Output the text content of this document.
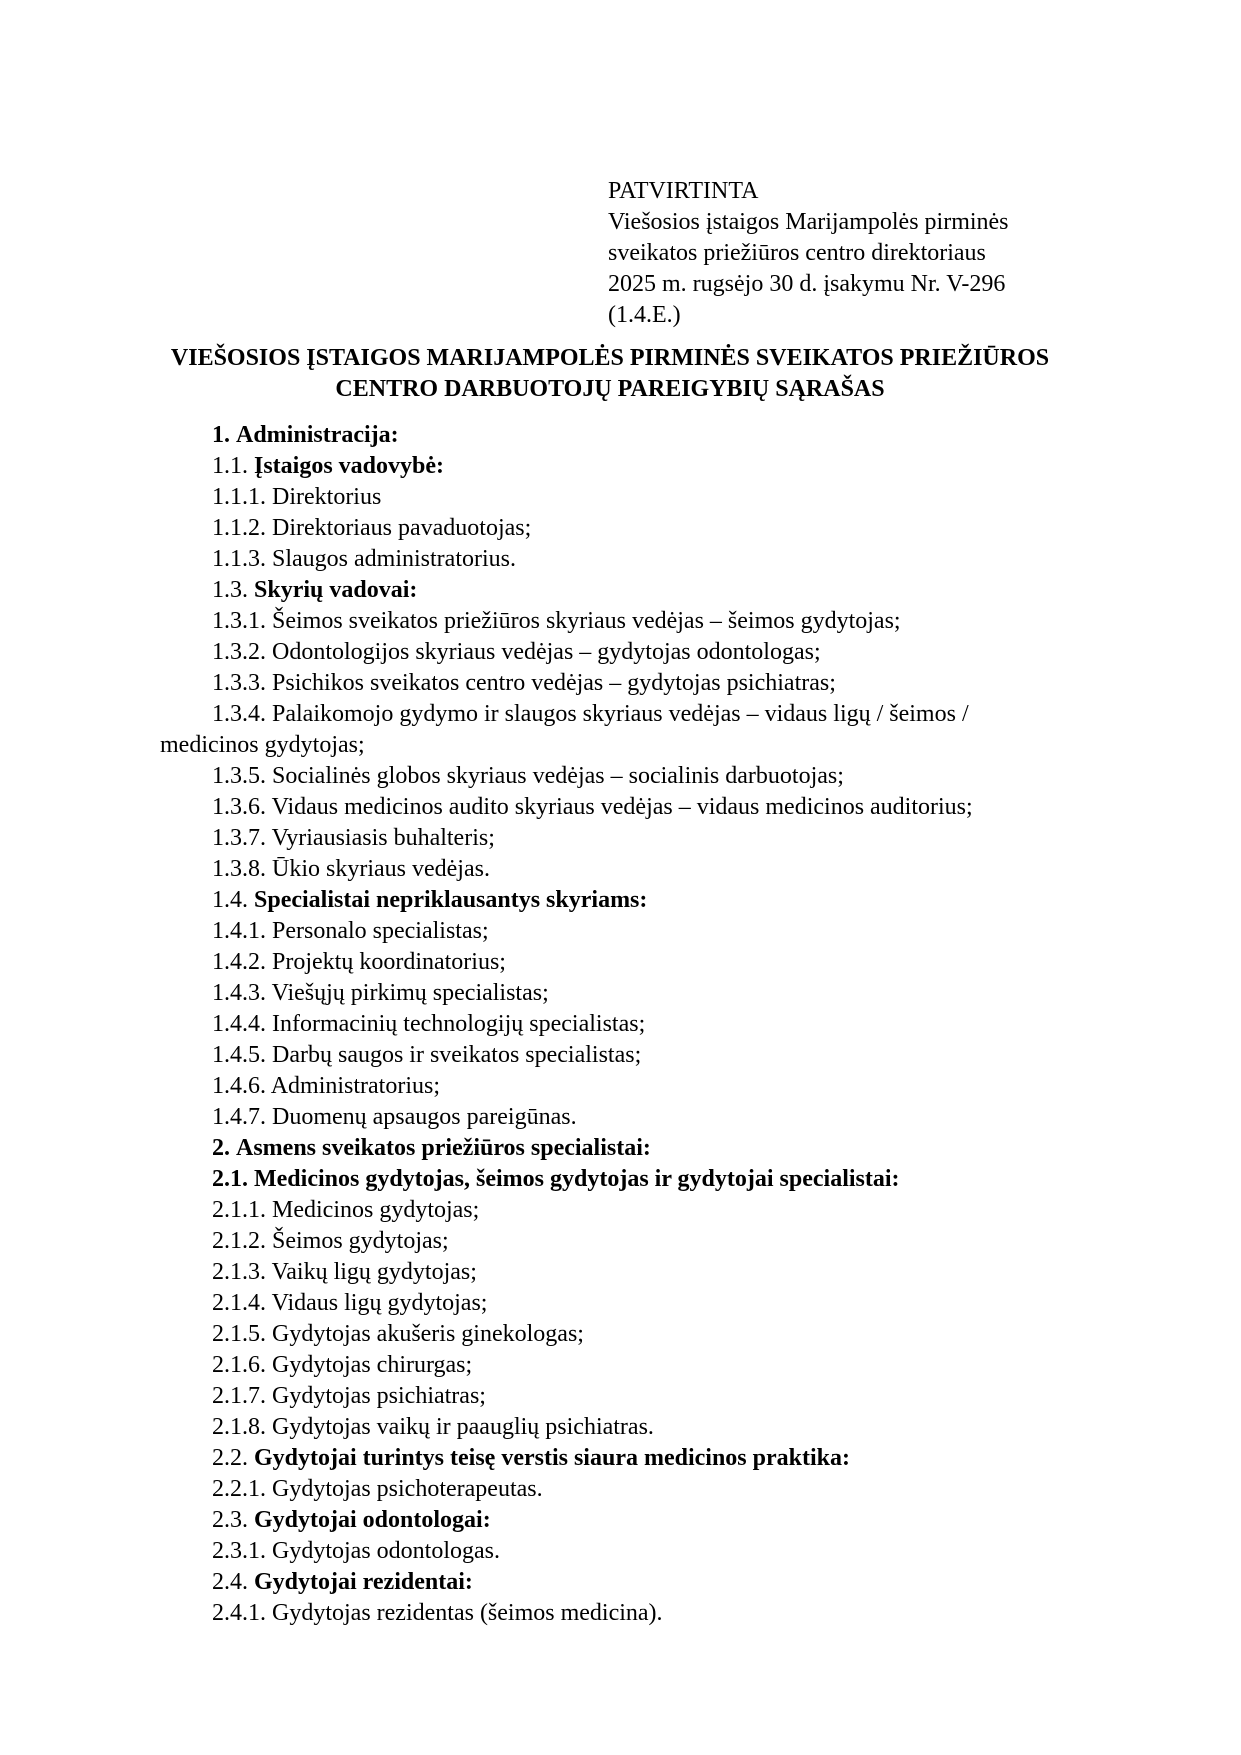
PATVIRTINTA
Viešosios įstaigos Marijampolės pirminės
sveikatos priežiūros centro direktoriaus
2025 m. rugsėjo 30 d. įsakymu Nr. V-296 (1.4.E.)
VIEŠOSIOS ĮSTAIGOS MARIJAMPOLĖS PIRMINĖS SVEIKATOS PRIEŽIŪROS
CENTRO DARBUOTOJŲ PAREIGYBIŲ SĄRAŠAS
1. Administracija:
1.1. Įstaigos vadovybė:
1.1.1. Direktorius
1.1.2. Direktoriaus pavaduotojas;
1.1.3. Slaugos administratorius.
1.3. Skyrių vadovai:
1.3.1. Šeimos sveikatos priežiūros skyriaus vedėjas – šeimos gydytojas;
1.3.2. Odontologijos skyriaus vedėjas – gydytojas odontologas;
1.3.3. Psichikos sveikatos centro vedėjas – gydytojas psichiatras;
1.3.4. Palaikomojo gydymo ir slaugos skyriaus vedėjas – vidaus ligų / šeimos / medicinos gydytojas;
1.3.5. Socialinės globos skyriaus vedėjas – socialinis darbuotojas;
1.3.6. Vidaus medicinos audito skyriaus vedėjas – vidaus medicinos auditorius;
1.3.7. Vyriausiasis buhalteris;
1.3.8. Ūkio skyriaus vedėjas.
1.4. Specialistai nepriklausantys skyriams:
1.4.1. Personalo specialistas;
1.4.2. Projektų koordinatorius;
1.4.3. Viešųjų pirkimų specialistas;
1.4.4. Informacinių technologijų specialistas;
1.4.5. Darbų saugos ir sveikatos specialistas;
1.4.6. Administratorius;
1.4.7. Duomenų apsaugos pareigūnas.
2. Asmens sveikatos priežiūros specialistai:
2.1. Medicinos gydytojas, šeimos gydytojas ir gydytojai specialistai:
2.1.1. Medicinos gydytojas;
2.1.2. Šeimos gydytojas;
2.1.3. Vaikų ligų gydytojas;
2.1.4. Vidaus ligų gydytojas;
2.1.5. Gydytojas akušeris ginekologas;
2.1.6. Gydytojas chirurgas;
2.1.7. Gydytojas psichiatras;
2.1.8. Gydytojas vaikų ir paauglių psichiatras.
2.2. Gydytojai turintys teisę verstis siaura medicinos praktika:
2.2.1. Gydytojas psichoterapeutas.
2.3. Gydytojai odontologai:
2.3.1. Gydytojas odontologas.
2.4. Gydytojai rezidentai:
2.4.1. Gydytojas rezidentas (šeimos medicina).
